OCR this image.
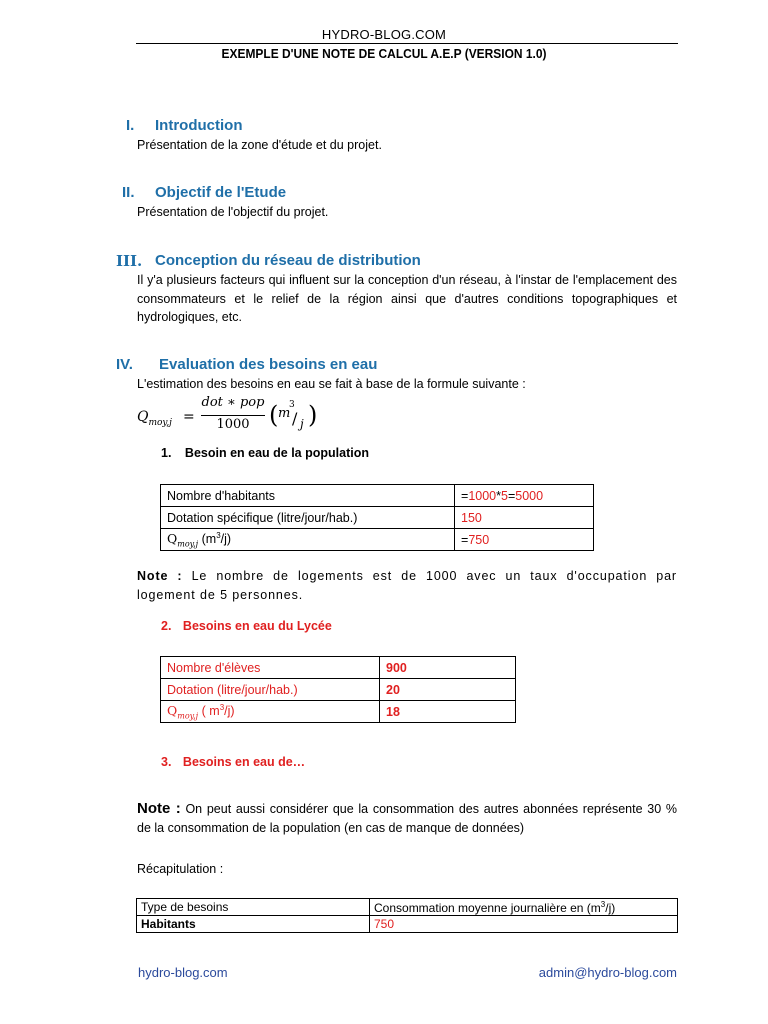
HYDRO-BLOG.COM
EXEMPLE D'UNE NOTE DE CALCUL A.E.P (VERSION 1.0)
I. Introduction
Présentation de la zone d'étude et du projet.
II. Objectif de l'Etude
Présentation de l'objectif du projet.
III. Conception du réseau de distribution
Il y'a plusieurs facteurs qui influent sur la conception d'un réseau, à l'instar de l'emplacement des consommateurs et le relief de la région ainsi que d'autres conditions topographiques et hydrologiques, etc.
IV. Evaluation des besoins en eau
L'estimation des besoins en eau se fait à base de la formule suivante :
$Q_{moy,j}$ =
dot ∗ pop
1000 ( m
3
/ j )
1. Besoin en eau de la population
Nombre d'habitants	=1000*5=5000
Dotation spécifique (litre/jour/hab.)	150
$Q_{moy,j}$ $(m^3/j)$	=750
Note : Le nombre de logements est de 1000 avec un taux d'occupation par logement de 5 personnes.
2. Besoins en eau du Lycée
Nombre d'élèves	900
Dotation (litre/jour/hab.)	20
$Q_{moy,j}$ ( $m^3/j$)	18
3. Besoins en eau de…
Note : On peut aussi considérer que la consommation des autres abonnées représente 30 % de la consommation de la population (en cas de manque de données)
Récapitulation :
Type de besoins	Consommation moyenne journalière en $(m^3/j)$
Habitants	750
hydro-blog.com	admin@hydro-blog.com
